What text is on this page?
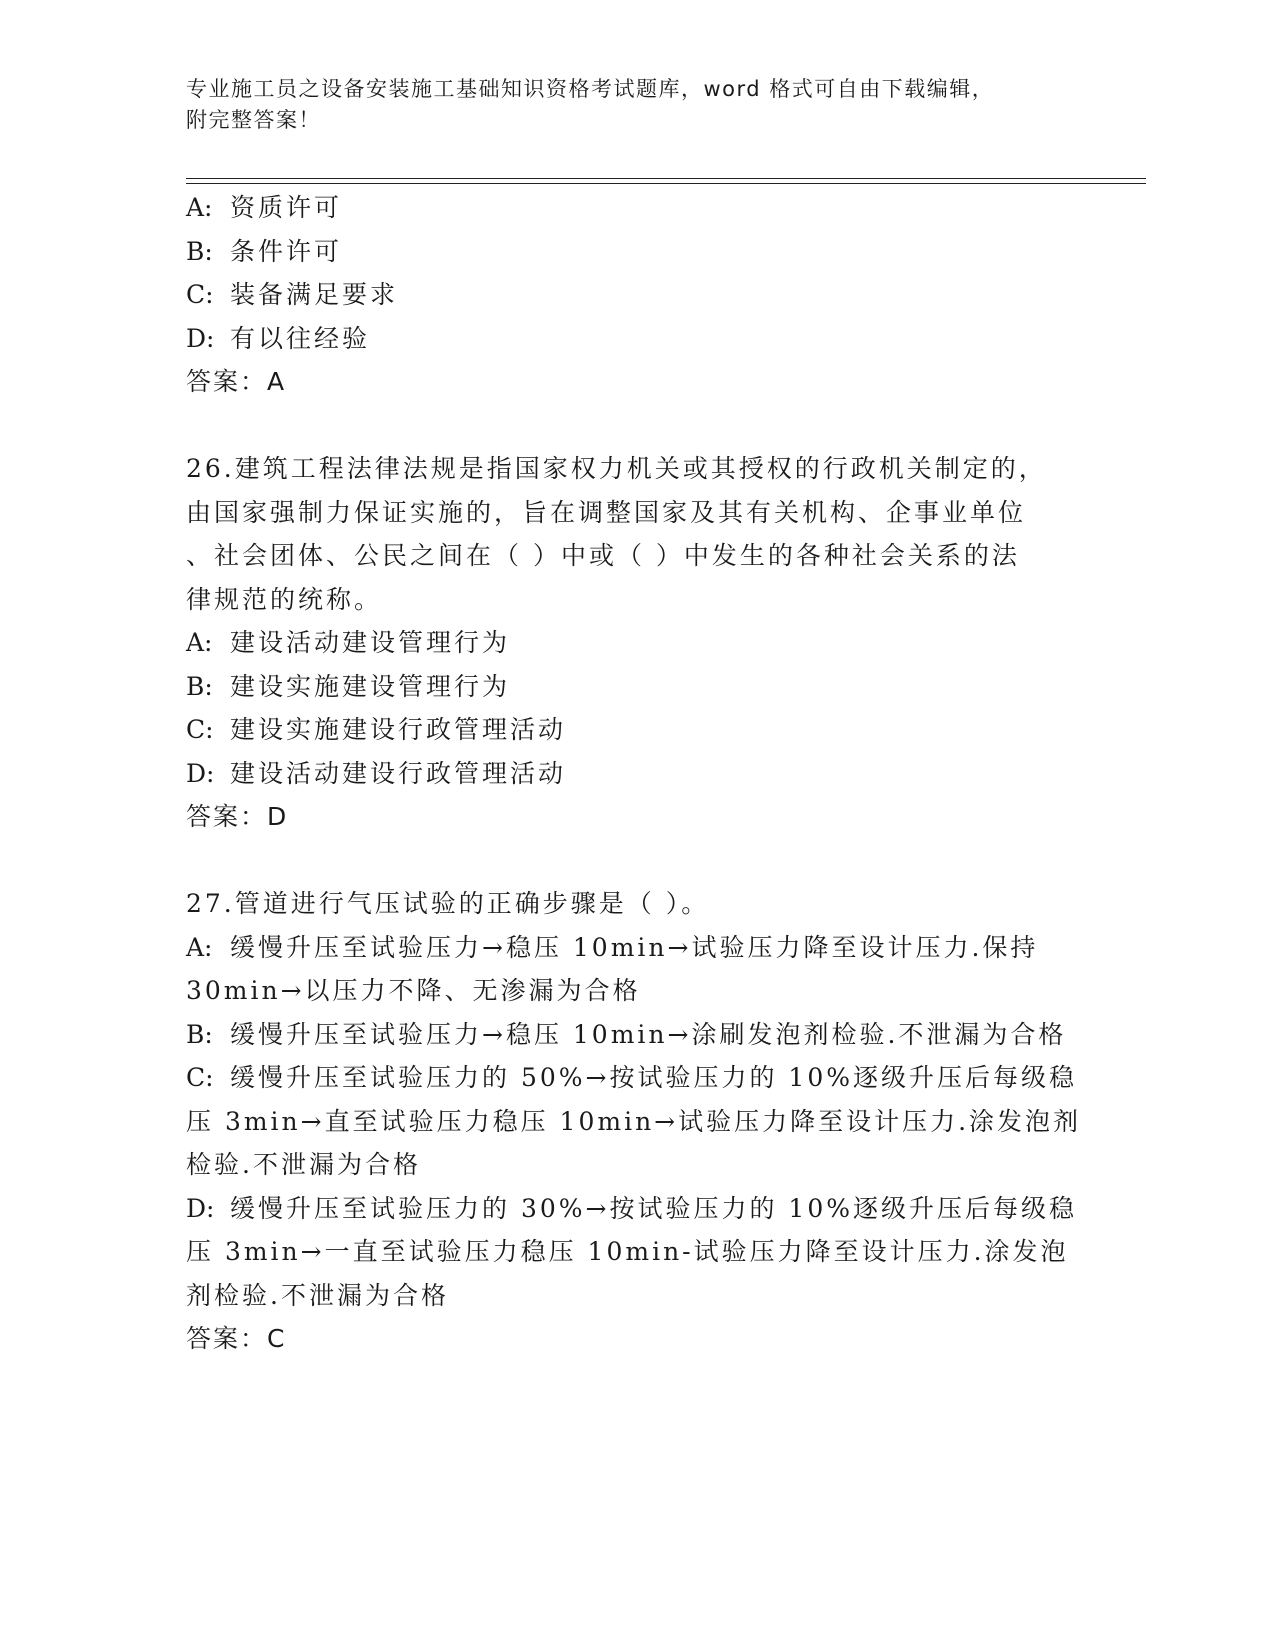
专业施工员之设备安装施工基础知识资格考试题库，word 格式可自由下载编辑，
附完整答案！
A: 资质许可
B: 条件许可
C: 装备满足要求
D: 有以往经验
答案：A
26.建筑工程法律法规是指国家权力机关或其授权的行政机关制定的，
由国家强制力保证实施的，旨在调整国家及其有关机构、企事业单位
、社会团体、公民之间在（ ）中或（ ）中发生的各种社会关系的法
律规范的统称。
A: 建设活动建设管理行为
B: 建设实施建设管理行为
C: 建设实施建设行政管理活动
D: 建设活动建设行政管理活动
答案：D
27.管道进行气压试验的正确步骤是（ ）。
A: 缓慢升压至试验压力→稳压 10min→试验压力降至设计压力.保持
30min→以压力不降、无渗漏为合格
B: 缓慢升压至试验压力→稳压 10min→涂刷发泡剂检验.不泄漏为合格
C: 缓慢升压至试验压力的 50%→按试验压力的 10%逐级升压后每级稳
压 3min→直至试验压力稳压 10min→试验压力降至设计压力.涂发泡剂
检验.不泄漏为合格
D: 缓慢升压至试验压力的 30%→按试验压力的 10%逐级升压后每级稳
压 3min→一直至试验压力稳压 10min-试验压力降至设计压力.涂发泡
剂检验.不泄漏为合格
答案：C
